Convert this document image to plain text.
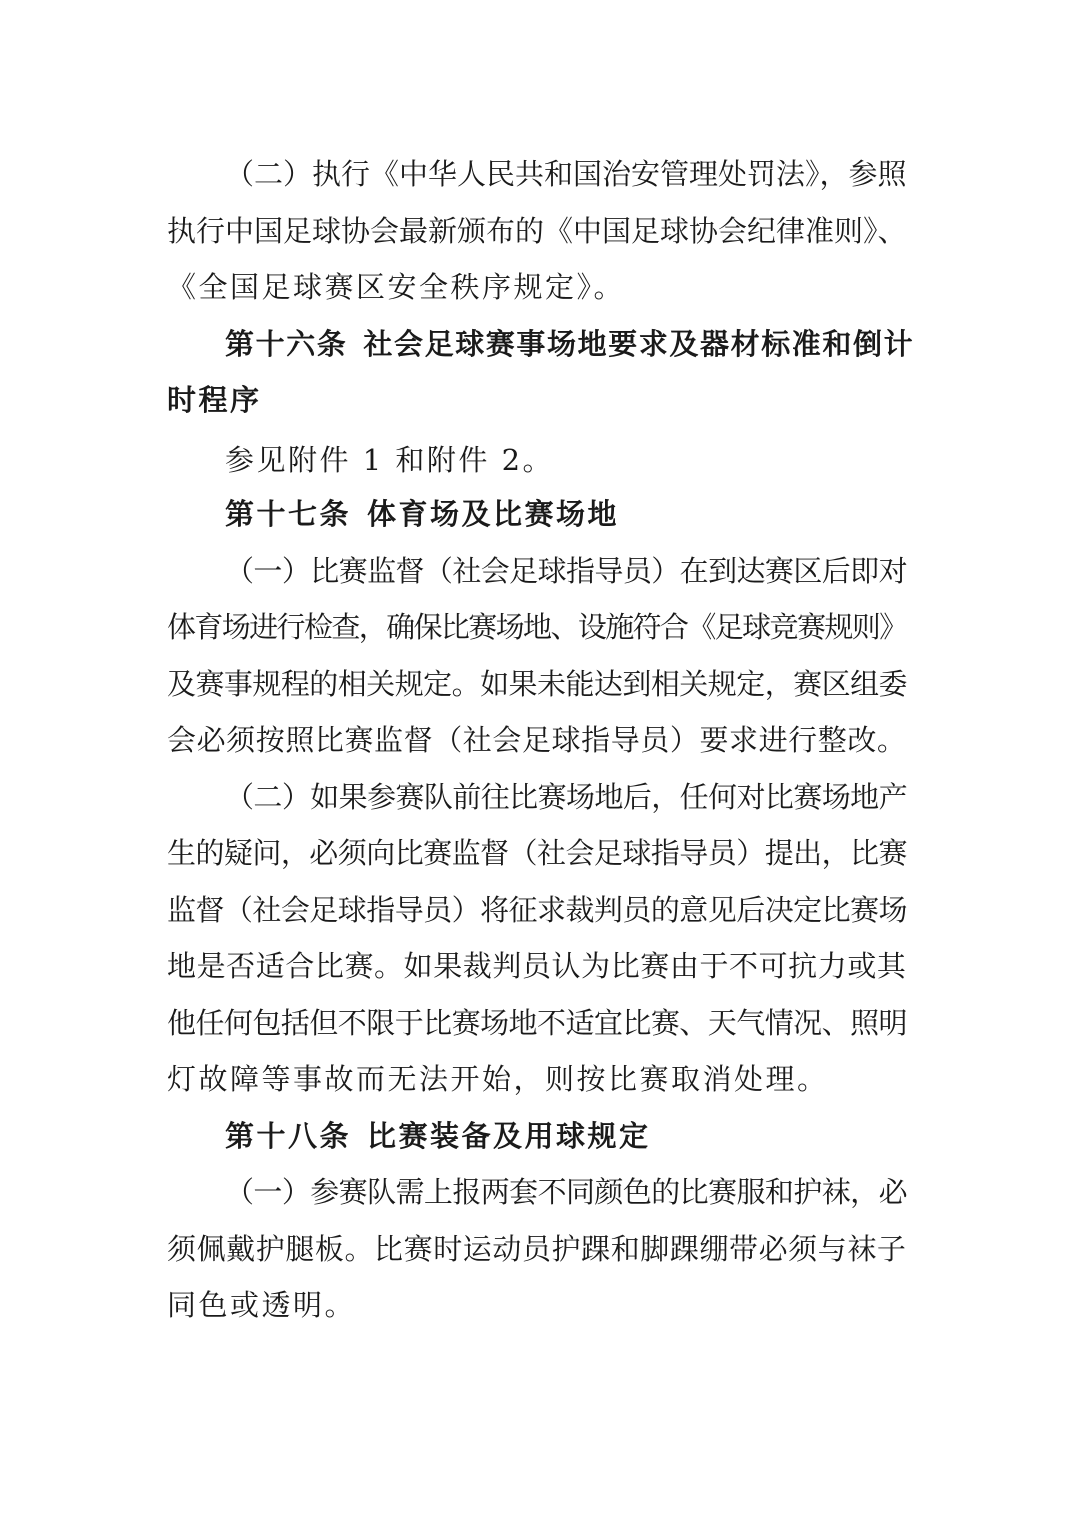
（二）执行《中华人民共和国治安管理处罚法》，参照
执行中国足球协会最新颁布的《中国足球协会纪律准则》、
《全国足球赛区安全秩序规定》。
第十六条 社会足球赛事场地要求及器材标准和倒计
时程序
参见附件 1 和附件 2。
第十七条 体育场及比赛场地
（一）比赛监督（社会足球指导员）在到达赛区后即对
体育场进行检查，确保比赛场地、设施符合《足球竞赛规则》
及赛事规程的相关规定。如果未能达到相关规定，赛区组委
会必须按照比赛监督（社会足球指导员）要求进行整改。
（二）如果参赛队前往比赛场地后，任何对比赛场地产
生的疑问，必须向比赛监督（社会足球指导员）提出，比赛
监督（社会足球指导员）将征求裁判员的意见后决定比赛场
地是否适合比赛。如果裁判员认为比赛由于不可抗力或其
他任何包括但不限于比赛场地不适宜比赛、天气情况、照明
灯故障等事故而无法开始，则按比赛取消处理。
第十八条 比赛装备及用球规定
（一）参赛队需上报两套不同颜色的比赛服和护袜，必
须佩戴护腿板。比赛时运动员护踝和脚踝绷带必须与袜子
同色或透明。
